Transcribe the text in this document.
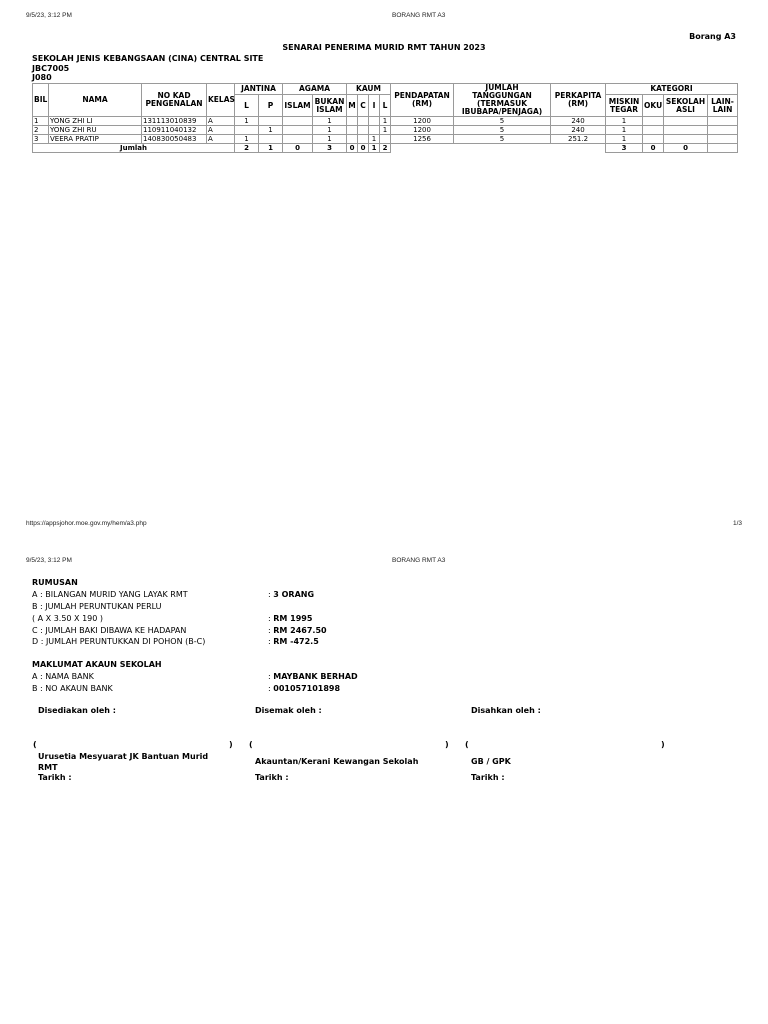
9/5/23, 3:12 PM	BORANG RMT A3
Borang A3
SENARAI PENERIMA MURID RMT TAHUN 2023
SEKOLAH JENIS KEBANGSAAN (CINA) CENTRAL SITE
JBC7005
J080
BIL	NAMA	NO KAD PENGENALAN	KELAS	JANTINA		AGAMA		KAUM				PENDAPATAN (RM)	JUMLAH TANGGUNGAN (TERMASUK IBUBAPA/PENJAGA)	PERKAPITA (RM)	KATEGORI			
				L	P	ISLAM	BUKAN ISLAM	M	C	I	L				MISKIN TEGAR	OKU	SEKOLAH ASLI	LAIN-LAIN
1	YONG ZHI LI	131113010839	A	1			1				1	1200	5	240	1			
2	YONG ZHI RU	110911040132	A		1		1				1	1200	5	240	1			
3	VEERA PRATIP	140830050483	A	1			1			1		1256	5	251.2	1			
Jumlah				2	1	0	3	0	0	1	2				3	0	0	
https://appsjohor.moe.gov.my/hem/a3.php	1/3
9/5/23, 3:12 PM	BORANG RMT A3
RUMUSAN
A : BILANGAN MURID YANG LAYAK RMT	: 3 ORANG
B : JUMLAH PERUNTUKAN PERLU
( A X 3.50 X 190 )	: RM 1995
C : JUMLAH BAKI DIBAWA KE HADAPAN	: RM 2467.50
D : JUMLAH PERUNTUKKAN DI POHON (B-C)	: RM -472.5
MAKLUMAT AKAUN SEKOLAH
A : NAMA BANK	: MAYBANK BERHAD
B : NO AKAUN BANK	: 001057101898
Disediakan oleh :	Disemak oleh :	Disahkan oleh :
(	) (	) (	)
Urusetia Mesyuarat JK Bantuan Murid RMT
Akauntan/Kerani Kewangan Sekolah	GB / GPK
Tarikh :	Tarikh :	Tarikh :
